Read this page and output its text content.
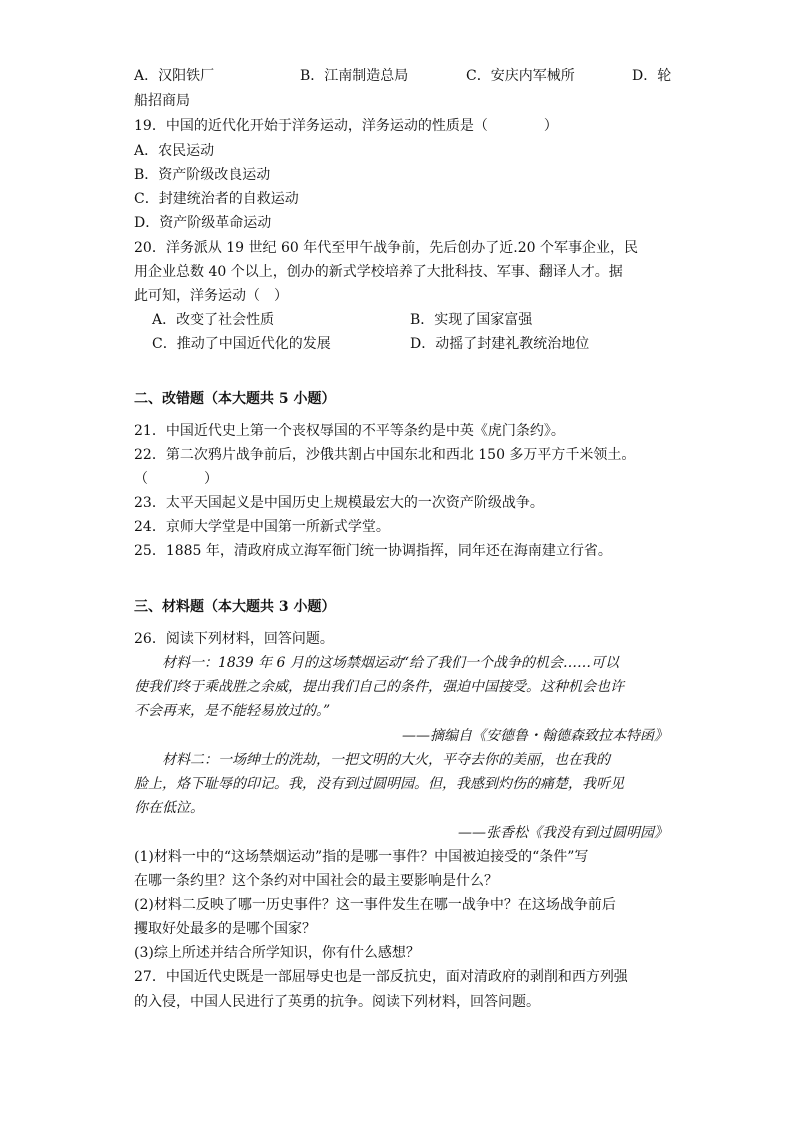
A．汉阳铁厂	B．江南制造总局	C．安庆内军械所	D．轮
船招商局
19．中国的近代化开始于洋务运动，洋务运动的性质是（　　　　）
A．农民运动
B．资产阶级改良运动
C．封建统治者的自救运动
D．资产阶级革命运动
20．洋务派从 19 世纪 60 年代至甲午战争前，先后创办了近.20 个军事企业，民
用企业总数 40 个以上，创办的新式学校培养了大批科技、军事、翻译人才。据
此可知，洋务运动（　）
A．改变了社会性质	B．实现了国家富强
C．推动了中国近代化的发展	D．动摇了封建礼教统治地位
二、改错题（本大题共 5 小题）
21．中国近代史上第一个丧权辱国的不平等条约是中英《虎门条约》。
22．第二次鸦片战争前后，沙俄共割占中国东北和西北 150 多万平方千米领土。
（　　　　）
23．太平天国起义是中国历史上规模最宏大的一次资产阶级战争。
24．京师大学堂是中国第一所新式学堂。
25．1885 年，清政府成立海军衙门统一协调指挥，同年还在海南建立行省。
三、材料题（本大题共 3 小题）
26．阅读下列材料，回答问题。
材料一：1839 年 6 月的这场禁烟运动“给了我们一个战争的机会……可以
使我们终于乘战胜之余威，提出我们自己的条件，强迫中国接受。这种机会也许
不会再来，是不能轻易放过的。”
——摘编自《安德鲁・翰德森致拉本特函》
材料二：一场绅士的洗劫，一把文明的大火，平夺去你的美丽，也在我的
脸上，烙下耻辱的印记。我，没有到过圆明园。但，我感到灼伤的痛楚，我听见
你在低泣。
——张香松《我没有到过圆明园》
(1)材料一中的“这场禁烟运动”指的是哪一事件？中国被迫接受的“条件”写
在哪一条约里？这个条约对中国社会的最主要影响是什么？
(2)材料二反映了哪一历史事件？这一事件发生在哪一战争中？在这场战争前后
攫取好处最多的是哪个国家？
(3)综上所述并结合所学知识，你有什么感想？
27．中国近代史既是一部屈辱史也是一部反抗史，面对清政府的剥削和西方列强
的入侵，中国人民进行了英勇的抗争。阅读下列材料，回答问题。
